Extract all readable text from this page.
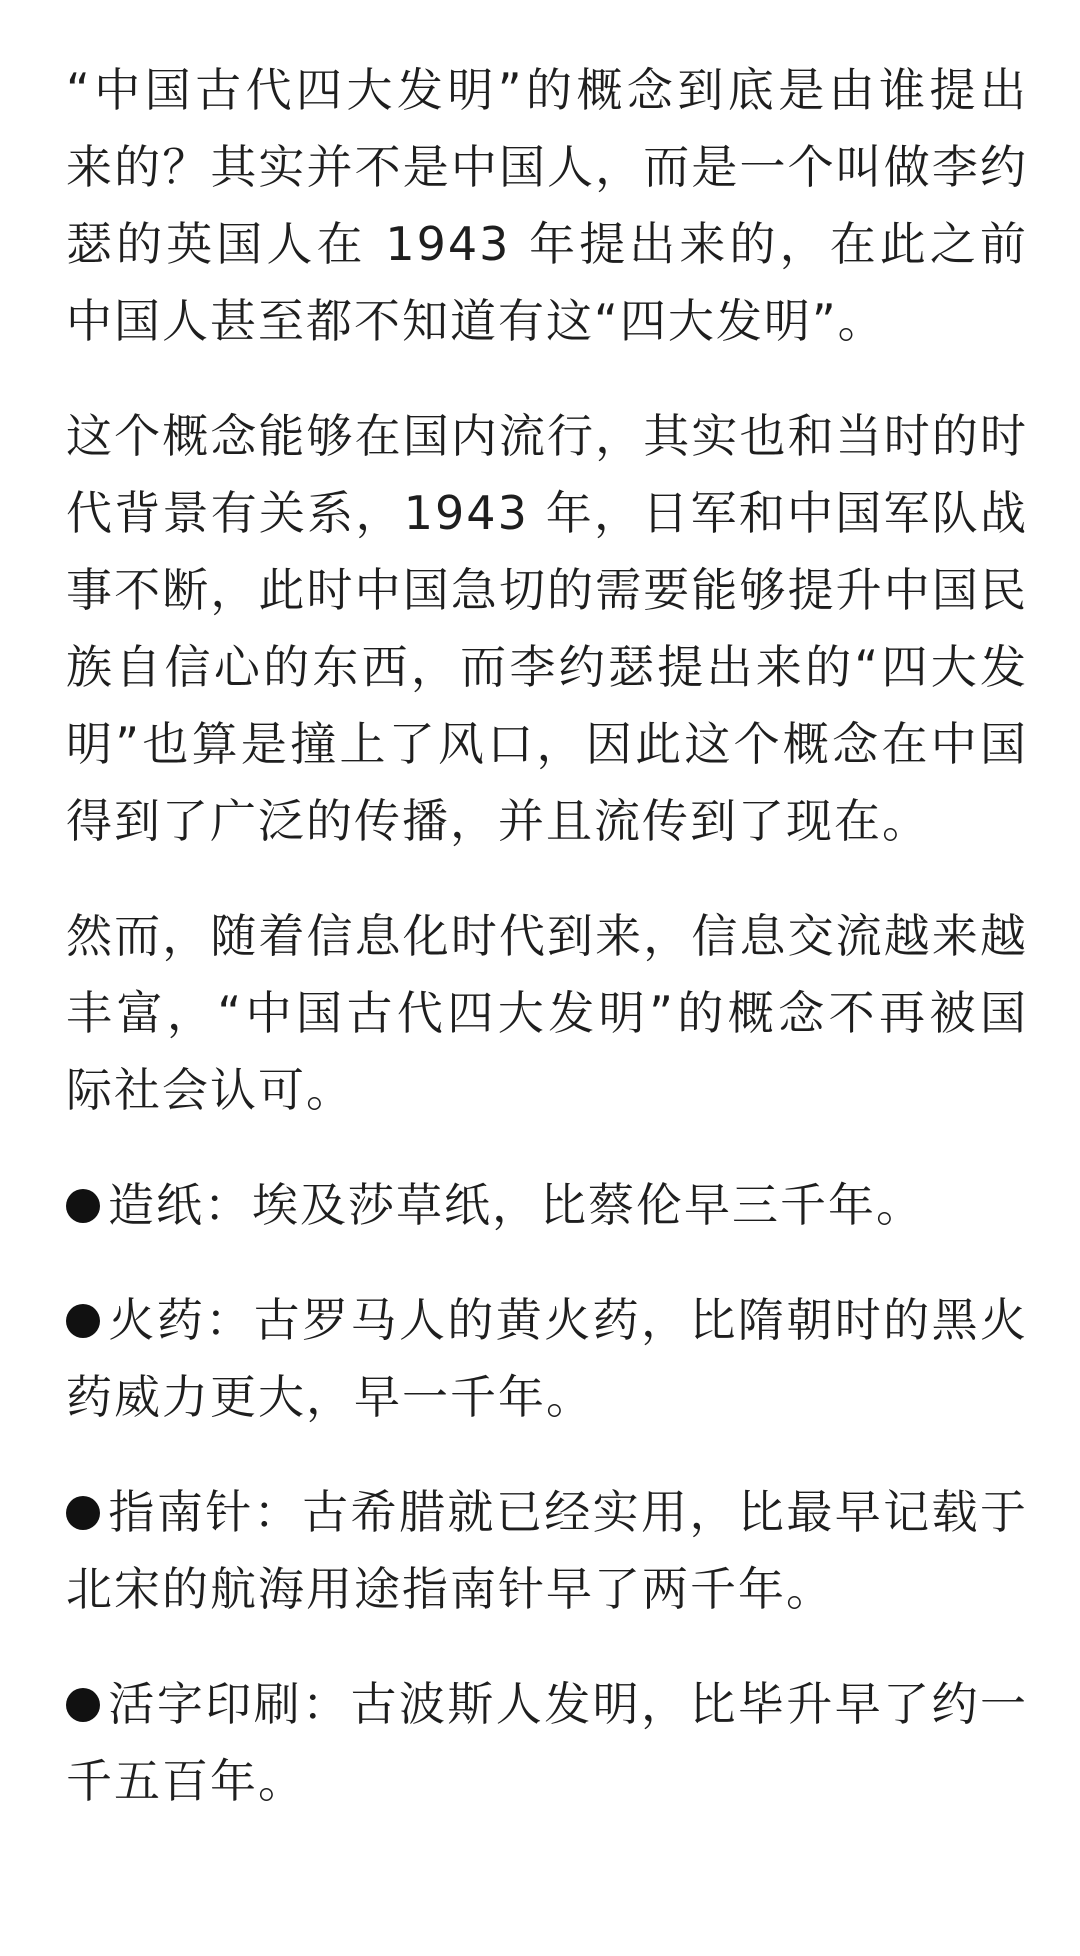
“中国古代四大发明”的概念到底是由谁提出来的？其实并不是中国人，而是一个叫做李约瑟的英国人在 1943 年提出来的，在此之前中国人甚至都不知道有这“四大发明”。

这个概念能够在国内流行，其实也和当时的时代背景有关系，1943 年，日军和中国军队战事不断，此时中国急切的需要能够提升中国民族自信心的东西，而李约瑟提出来的“四大发明”也算是撞上了风口，因此这个概念在中国得到了广泛的传播，并且流传到了现在。

然而，随着信息化时代到来，信息交流越来越丰富，“中国古代四大发明”的概念不再被国际社会认可。

造纸：埃及莎草纸，比蔡伦早三千年。

火药：古罗马人的黄火药，比隋朝时的黑火药威力更大，早一千年。

指南针：古希腊就已经实用，比最早记载于北宋的航海用途指南针早了两千年。

活字印刷：古波斯人发明，比毕升早了约一千五百年。
